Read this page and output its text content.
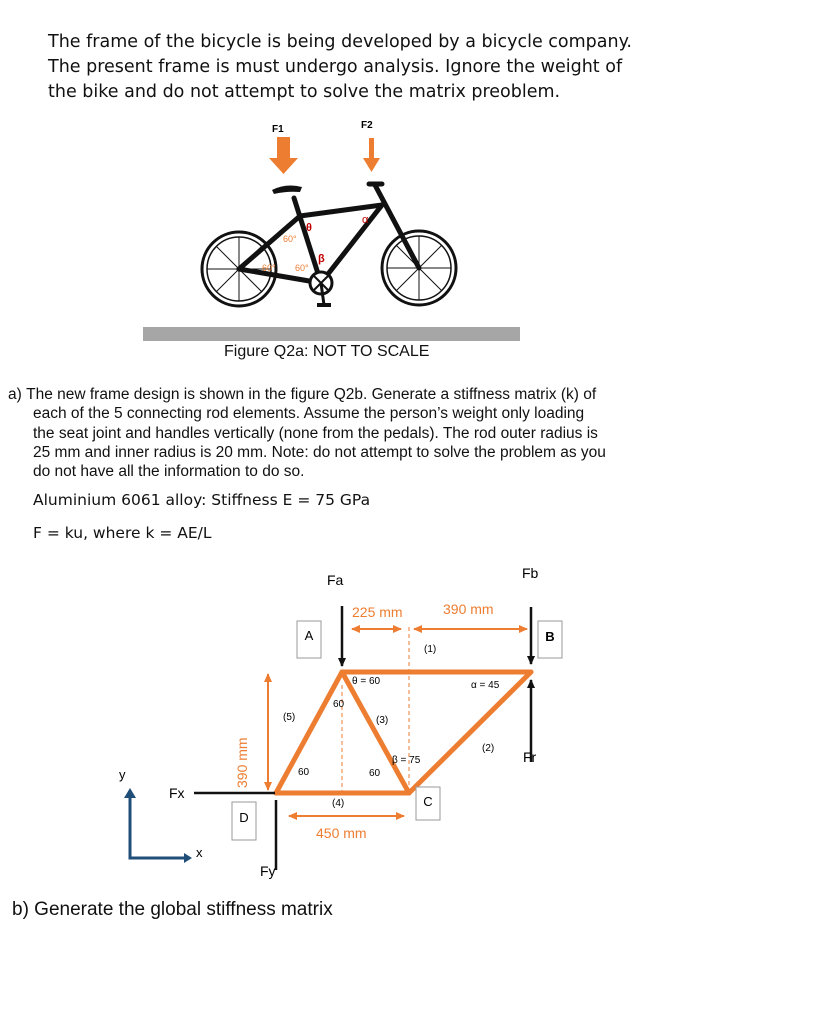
The frame of the bicycle is being developed by a bicycle company.
The present frame is must undergo analysis. Ignore the weight of
the bike and do not attempt to solve the matrix preoblem.
F1	F2
θ
α
β
60°
60° 60°
Figure Q2a: NOT TO SCALE
a) The new frame design is shown in the figure Q2b. Generate a stiffness matrix (k) of
each of the 5 connecting rod elements. Assume the person’s weight only loading
the seat joint and handles vertically (none from the pedals). The rod outer radius is
25 mm and inner radius is 20 mm. Note: do not attempt to solve the problem as you
do not have all the information to do so.
Aluminium 6061 alloy: Stiffness E = 75 GPa
F = ku, where k = AE/L
A	B
C
D
Fa	Fb
Fr
Fx
Fy
225 mm	390 mm
450 mm
390 mm
(1)
(2)
(3)
(4)
(5)
θ = 60	α = 45
β = 75
60
60	60
y
x
b) Generate the global stiffness matrix
